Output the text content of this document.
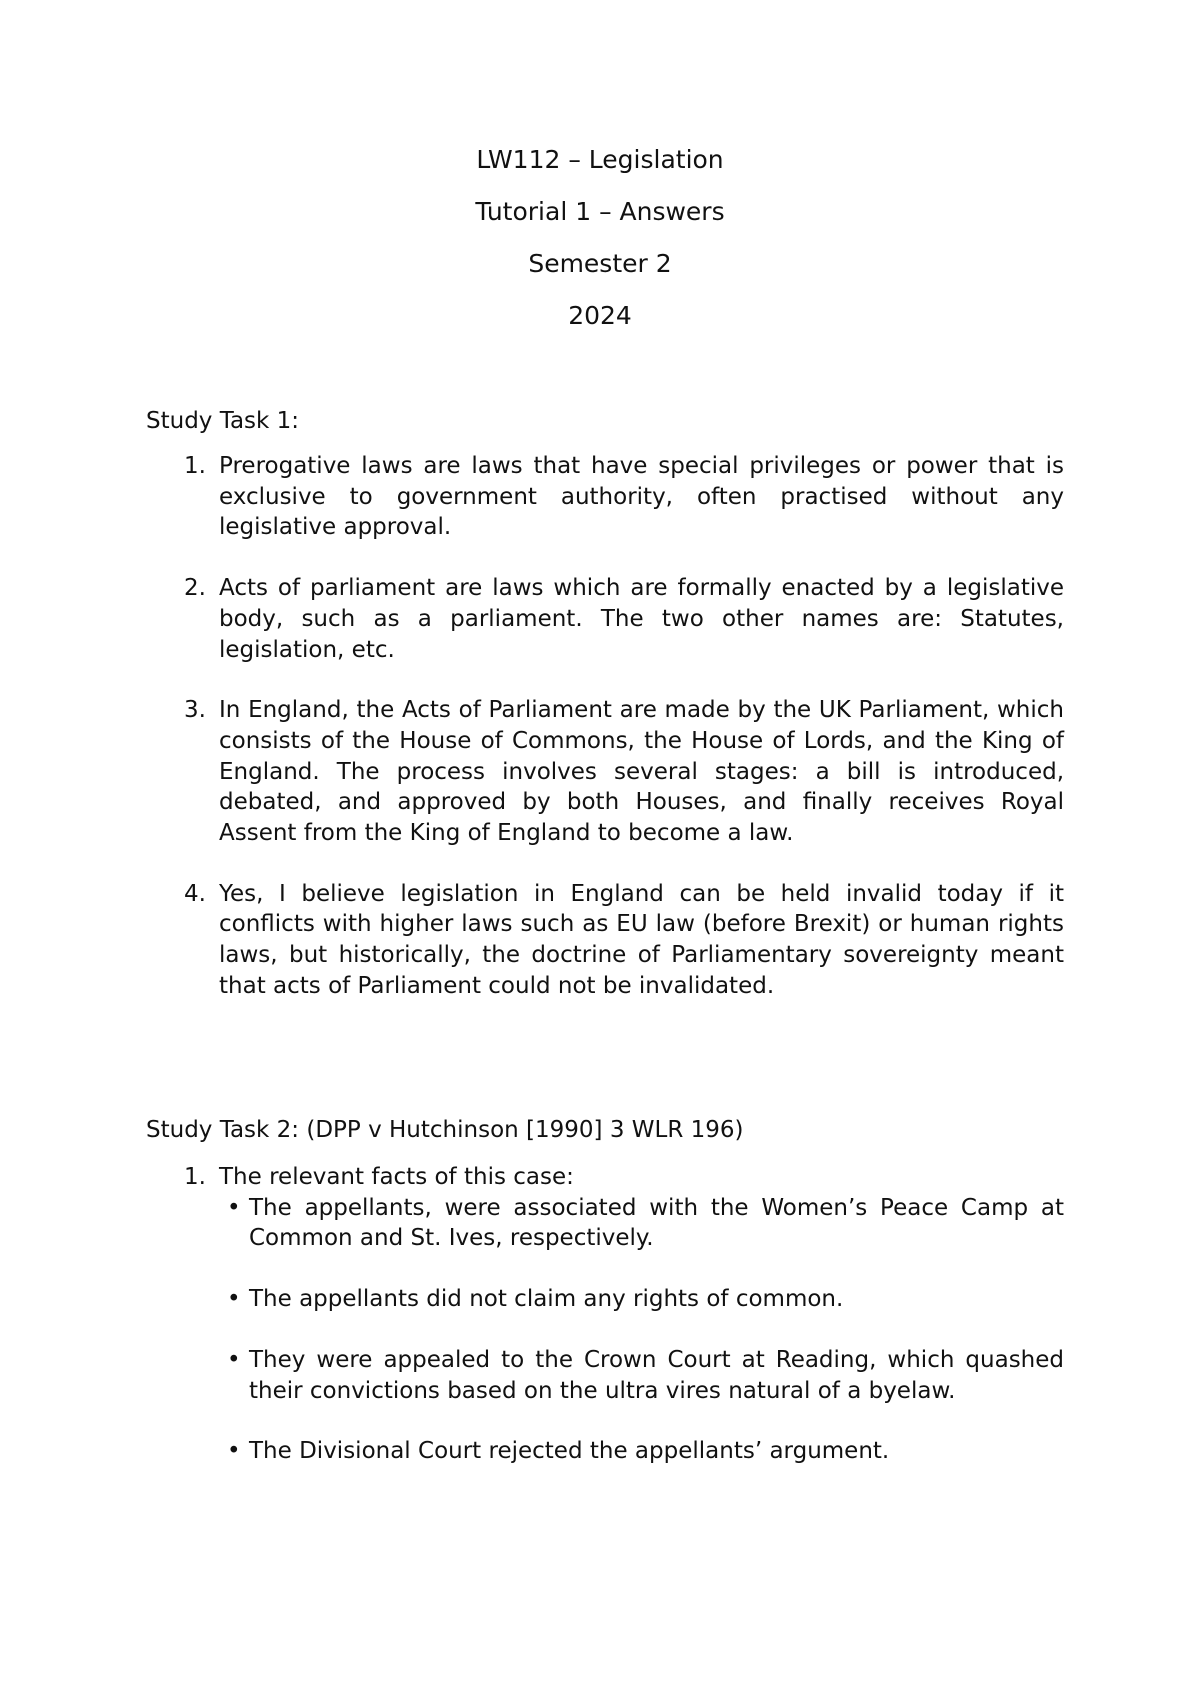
LW112 – Legislation
Tutorial 1 – Answers
Semester 2
2024
Study Task 1:
1. Prerogative laws are laws that have special privileges or power that is exclusive to government authority, often practised without any legislative approval.
2. Acts of parliament are laws which are formally enacted by a legislative body, such as a parliament. The two other names are: Statutes, legislation, etc.
3. In England, the Acts of Parliament are made by the UK Parliament, which consists of the House of Commons, the House of Lords, and the King of England. The process involves several stages: a bill is introduced, debated, and approved by both Houses, and finally receives Royal Assent from the King of England to become a law.
4. Yes, I believe legislation in England can be held invalid today if it conflicts with higher laws such as EU law (before Brexit) or human rights laws, but historically, the doctrine of Parliamentary sovereignty meant that acts of Parliament could not be invalidated.
Study Task 2: (DPP v Hutchinson [1990] 3 WLR 196)
1. The relevant facts of this case:
• The appellants, were associated with the Women’s Peace Camp at Common and St. Ives, respectively.
• The appellants did not claim any rights of common.
• They were appealed to the Crown Court at Reading, which quashed their convictions based on the ultra vires natural of a byelaw.
• The Divisional Court rejected the appellants’ argument.
